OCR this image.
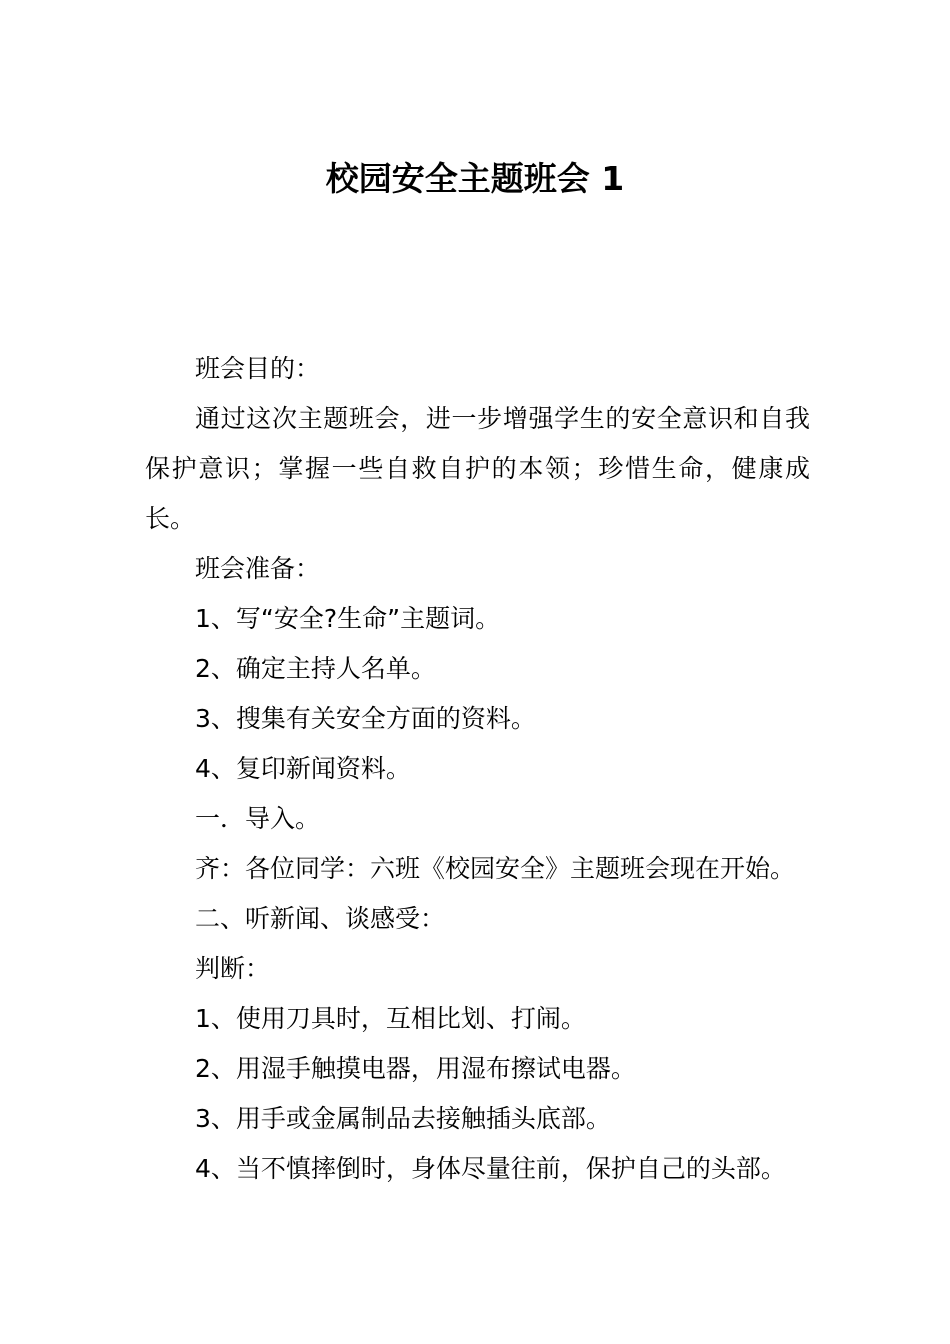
校园安全主题班会 1

班会目的：

通过这次主题班会，进一步增强学生的安全意识和自我保护意识；掌握一些自救自护的本领；珍惜生命，健康成长。

班会准备：

1、写“安全?生命”主题词。

2、确定主持人名单。

3、搜集有关安全方面的资料。

4、复印新闻资料。

一．导入。

齐：各位同学：六班《校园安全》主题班会现在开始。

二、听新闻、谈感受：

判断：

1、使用刀具时，互相比划、打闹。

2、用湿手触摸电器，用湿布擦试电器。

3、用手或金属制品去接触插头底部。

4、当不慎摔倒时，身体尽量往前，保护自己的头部。
